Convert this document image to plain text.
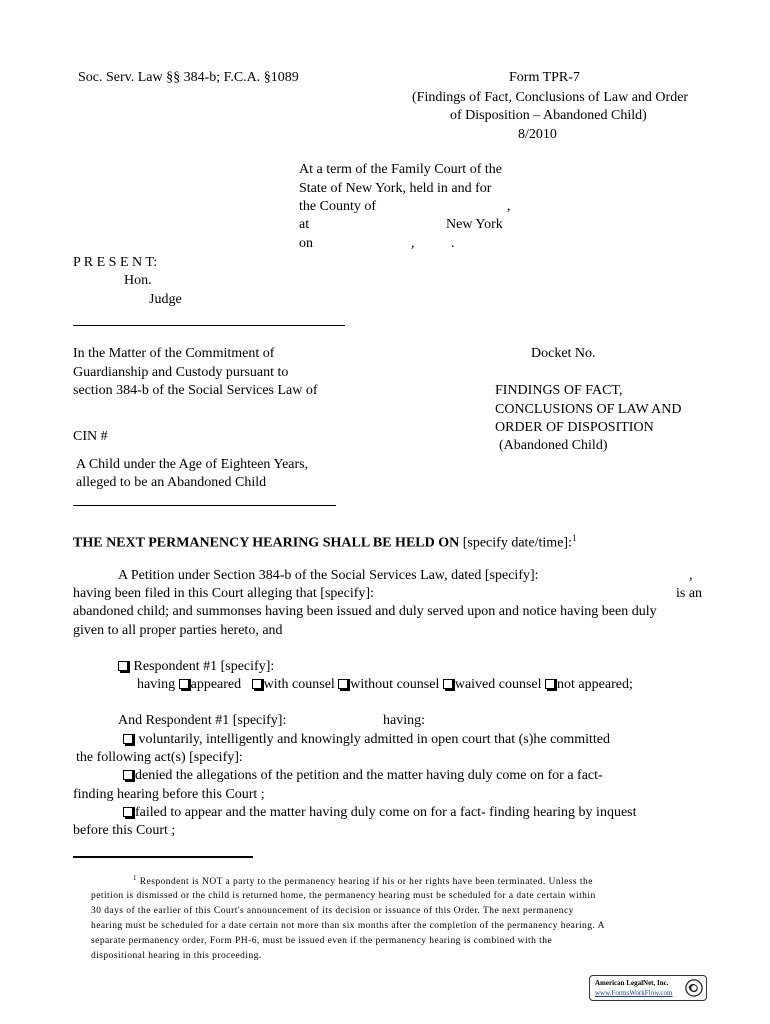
Soc. Serv. Law §§ 384-b; F.C.A. §1089	Form TPR-7
(Findings of Fact, Conclusions of Law and Order
of Disposition – Abandoned Child)
8/2010
At a term of the Family Court of the
State of New York, held in and for
the County of	,
at	New York
on	,	.
P R E S E N T:
Hon.
Judge
In the Matter of the Commitment of
Guardianship and Custody pursuant to
section 384-b of the Social Services Law of
CIN #
A Child under the Age of Eighteen Years,
alleged to be an Abandoned Child
Docket No.
FINDINGS OF FACT,
CONCLUSIONS OF LAW AND
ORDER OF DISPOSITION
(Abandoned Child)
THE NEXT PERMANENCY HEARING SHALL BE HELD ON [specify date/time]:$^1$
A Petition under Section 384-b of the Social Services Law, dated [specify]:	,
having been filed in this Court alleging that [specify]:	is an
abandoned child; and summonses having been issued and duly served upon and notice having been duly
given to all proper parties hereto, and
Respondent #1 [specify]:
having appeared with counsel without counsel waived counsel not appeared;
And Respondent #1 [specify]:	having:
voluntarily, intelligently and knowingly admitted in open court that (s)he committed
the following act(s) [specify]:
denied the allegations of the petition and the matter having duly come on for a fact-
finding hearing before this Court ;
failed to appear and the matter having duly come on for a fact- finding hearing by inquest
before this Court ;
$^1$ Respondent is NOT a party to the permanency hearing if his or her rights have been terminated. Unless the
petition is dismissed or the child is returned home, the permanency hearing must be scheduled for a date certain within
30 days of the earlier of this Court's announcement of its decision or issuance of this Order. The next permanency
hearing must be scheduled for a date certain not more than six months after the completion of the permanency hearing. A
separate permanency order, Form PH-6, must be issued even if the permanency hearing is combined with the
dispositional hearing in this proceeding.
American LegalNet, Inc.
www.FormsWorkFlow.com
